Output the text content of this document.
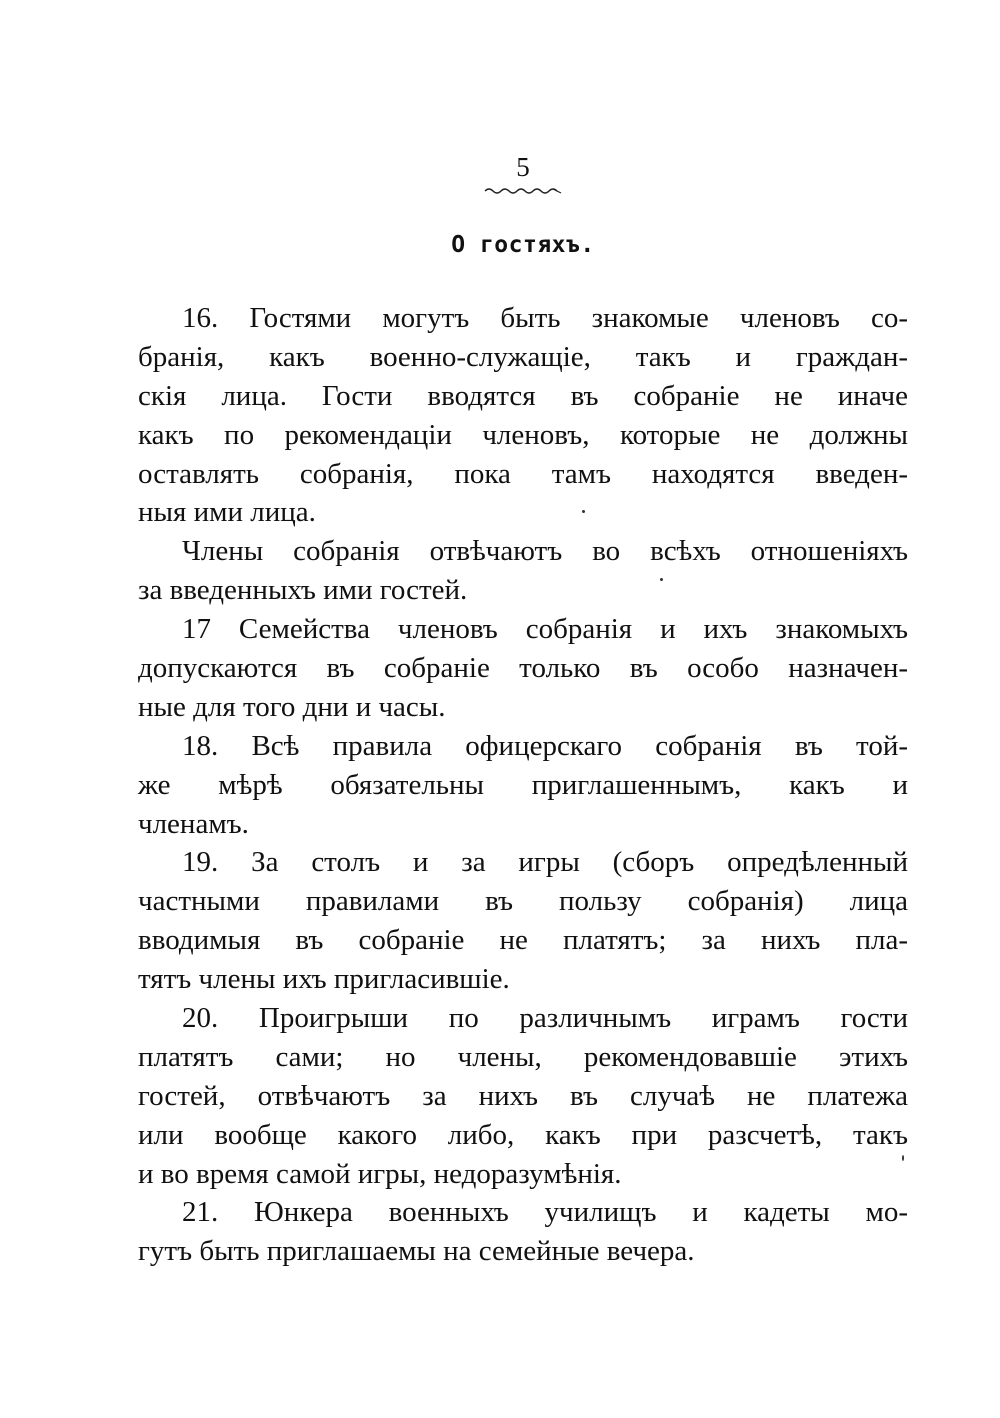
5
О гостяхъ.
16. Гостями могутъ быть знакомые членовъ со-
бранія, какъ военно-служащіе, такъ и граждан-
скія лица. Гости вводятся въ собраніе не иначе
какъ по рекомендаціи членовъ, которые не должны
оставлять собранія, пока тамъ находятся введен-
ныя ими лица.
Члены собранія отвѣчаютъ во всѣхъ отношеніяхъ
за введенныхъ ими гостей.
17 Семейства членовъ собранія и ихъ знакомыхъ
допускаются въ собраніе только въ особо назначен-
ные для того дни и часы.
18. Всѣ правила офицерскаго собранія въ той-
же мѣрѣ обязательны приглашеннымъ, какъ и
членамъ.
19. За столъ и за игры (сборъ опредѣленный
частными правилами въ пользу собранія) лица
вводимыя въ собраніе не платятъ; за нихъ пла-
тятъ члены ихъ пригласившіе.
20. Проигрыши по различнымъ играмъ гости
платятъ сами; но члены, рекомендовавшіе этихъ
гостей, отвѣчаютъ за нихъ въ случаѣ не платежа
или вообще какого либо, какъ при разсчетѣ, такъ
и во время самой игры, недоразумѣнія.
21. Юнкера военныхъ училищъ и кадеты мо-
гутъ быть приглашаемы на семейные вечера.
